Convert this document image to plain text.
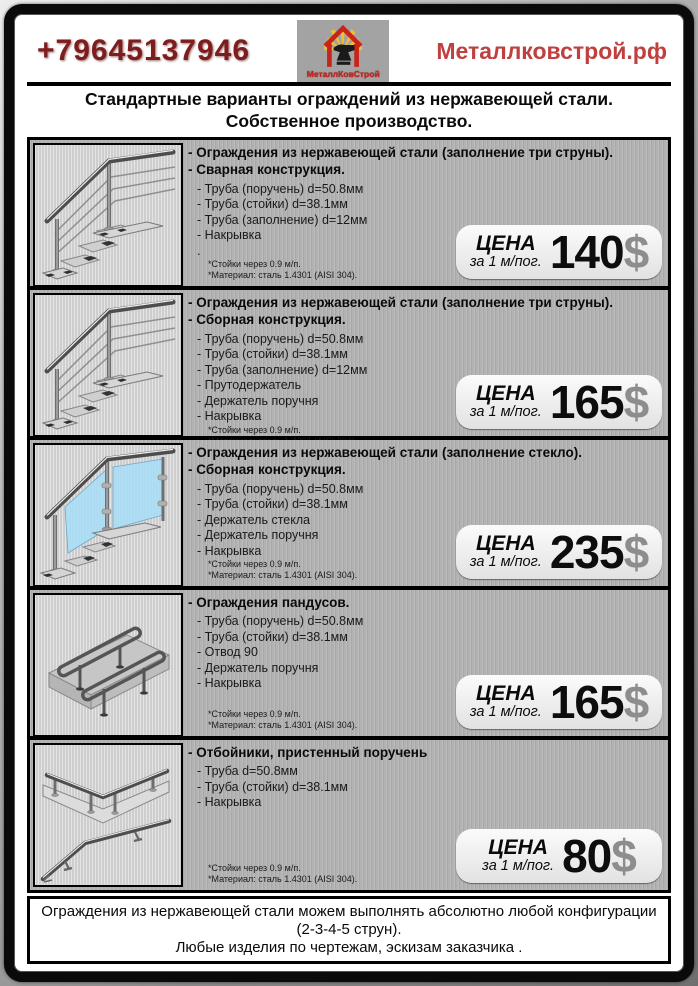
+79645137946
МеталлКовСтрой
Металлковстрой.рф
Стандартные варианты ограждений из нержавеющей стали.
Собственное производство.
- Ограждения из нержавеющей стали (заполнение три струны).
- Сварная конструкция.
- Труба (поручень) d=50.8мм
- Труба (стойки) d=38.1мм
- Труба (заполнение) d=12мм
- Накрывка
.
*Стойки через 0.9 м/п.
*Материал: сталь 1.4301 (AISI 304).
ЦЕНА
за 1 м/пог. 140$
- Ограждения из нержавеющей стали (заполнение три струны).
- Сборная конструкция.
- Труба (поручень) d=50.8мм
- Труба (стойки) d=38.1мм
- Труба (заполнение) d=12мм
- Прутодержатель
- Держатель поручня
- Накрывка
*Стойки через 0.9 м/п.
ЦЕНА
за 1 м/пог. 165$
- Ограждения из нержавеющей стали (заполнение стекло).
- Сборная конструкция.
- Труба (поручень) d=50.8мм
- Труба (стойки) d=38.1мм
- Держатель стекла
- Держатель поручня
- Накрывка
*Стойки через 0.9 м/п.
*Материал: сталь 1.4301 (AISI 304).
ЦЕНА
за 1 м/пог. 235$
- Ограждения пандусов.
- Труба (поручень) d=50.8мм
- Труба (стойки) d=38.1мм
- Отвод 90
- Держатель поручня
- Накрывка
*Стойки через 0.9 м/п.
*Материал: сталь 1.4301 (AISI 304).
ЦЕНА
за 1 м/пог. 165$
- Отбойники, пристенный поручень
- Труба d=50.8мм
- Труба (стойки) d=38.1мм
- Накрывка
*Стойки через 0.9 м/п.
*Материал: сталь 1.4301 (AISI 304).
ЦЕНА
за 1 м/пог. 80$
Ограждения из нержавеющей стали можем выполнять абсолютно любой конфигурации (2-3-4-5 струн).
Любые изделия по чертежам, эскизам заказчика .
